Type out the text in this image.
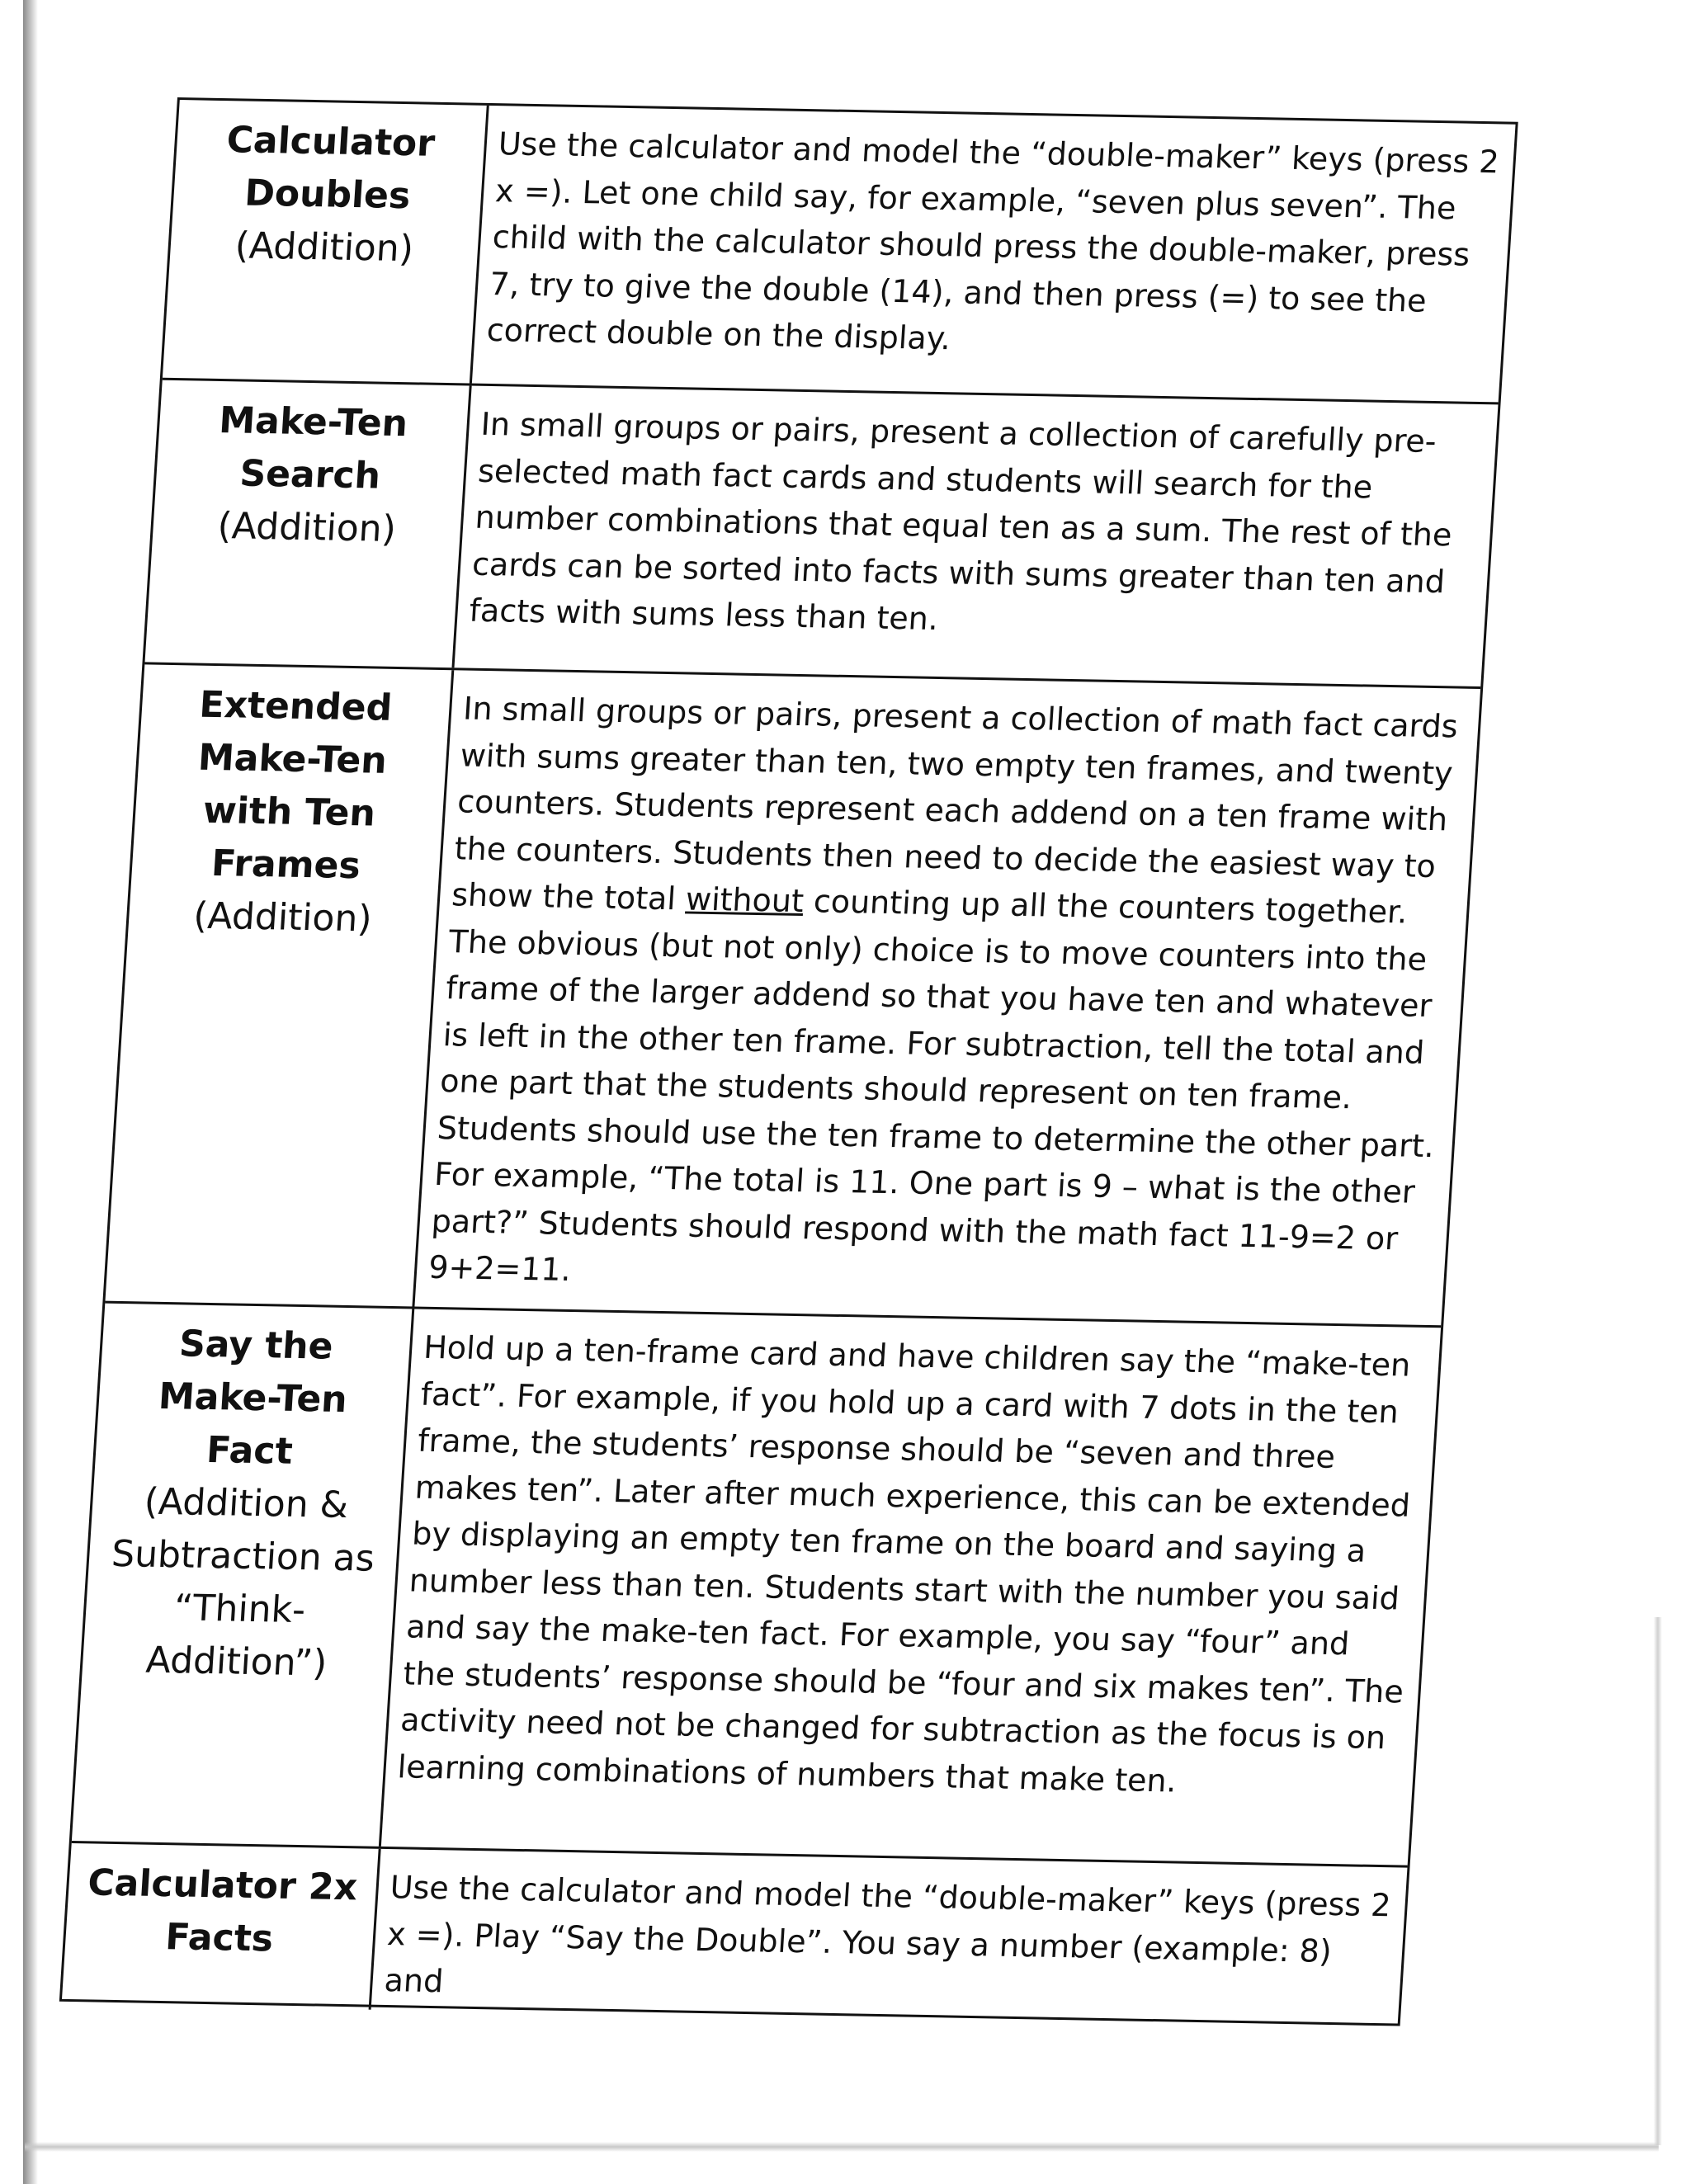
Calculator
Doubles
(Addition)
Use the calculator and model the “double-maker” keys (press 2 x =). Let one child say, for example, “seven plus seven”. The child with the calculator should press the double-maker, press 7, try to give the double (14), and then press (=) to see the correct double on the display.
Make-Ten
Search
(Addition)
In small groups or pairs, present a collection of carefully pre-selected math fact cards and students will search for the number combinations that equal ten as a sum. The rest of the cards can be sorted into facts with sums greater than ten and facts with sums less than ten.
Extended
Make-Ten
with Ten
Frames
(Addition)
In small groups or pairs, present a collection of math fact cards with sums greater than ten, two empty ten frames, and twenty counters. Students represent each addend on a ten frame with the counters. Students then need to decide the easiest way to show the total without counting up all the counters together. The obvious (but not only) choice is to move counters into the frame of the larger addend so that you have ten and whatever is left in the other ten frame. For subtraction, tell the total and one part that the students should represent on ten frame. Students should use the ten frame to determine the other part. For example, “The total is 11. One part is 9 – what is the other part?” Students should respond with the math fact 11-9=2 or 9+2=11.
Say the
Make-Ten
Fact
(Addition &
Subtraction as
“Think-
Addition”)
Hold up a ten-frame card and have children say the “make-ten fact”. For example, if you hold up a card with 7 dots in the ten frame, the students’ response should be “seven and three makes ten”. Later after much experience, this can be extended by displaying an empty ten frame on the board and saying a number less than ten. Students start with the number you said and say the make-ten fact. For example, you say “four” and the students’ response should be “four and six makes ten”. The activity need not be changed for subtraction as the focus is on learning combinations of numbers that make ten.
Calculator 2x
Facts
Use the calculator and model the “double-maker” keys (press 2 x =). Play “Say the Double”. You say a number (example: 8) and
